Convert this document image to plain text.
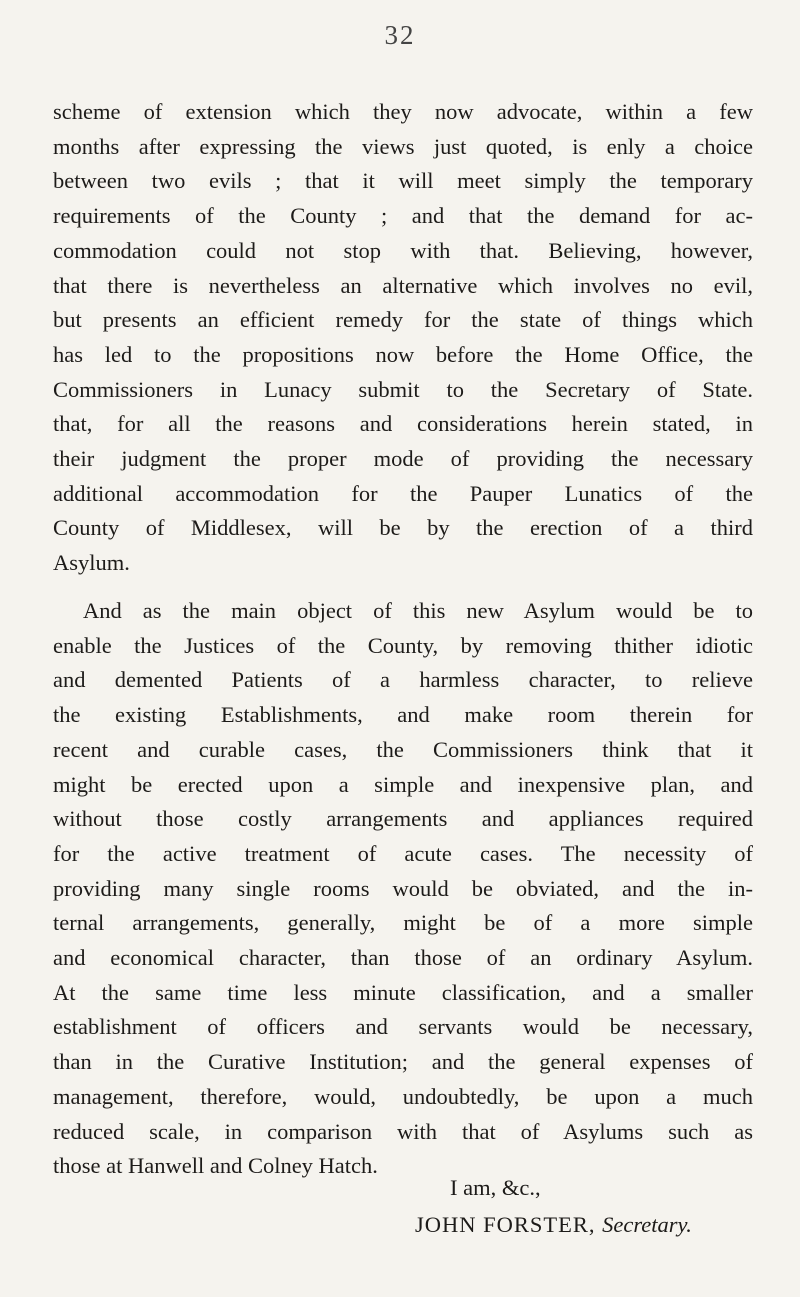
32
scheme of extension which they now advocate, within a few
months after expressing the views just quoted, is enly a choice
between two evils ; that it will meet simply the temporary
requirements of the County ; and that the demand for ac-
commodation could not stop with that. Believing, however,
that there is nevertheless an alternative which involves no evil,
but presents an efficient remedy for the state of things which
has led to the propositions now before the Home Office, the
Commissioners in Lunacy submit to the Secretary of State.
that, for all the reasons and considerations herein stated, in
their judgment the proper mode of providing the necessary
additional accommodation for the Pauper Lunatics of the
County of Middlesex, will be by the erection of a third
Asylum.
And as the main object of this new Asylum would be to
enable the Justices of the County, by removing thither idiotic
and demented Patients of a harmless character, to relieve
the existing Establishments, and make room therein for
recent and curable cases, the Commissioners think that it
might be erected upon a simple and inexpensive plan, and
without those costly arrangements and appliances required
for the active treatment of acute cases. The necessity of
providing many single rooms would be obviated, and the in-
ternal arrangements, generally, might be of a more simple
and economical character, than those of an ordinary Asylum.
At the same time less minute classification, and a smaller
establishment of officers and servants would be necessary,
than in the Curative Institution; and the general expenses of
management, therefore, would, undoubtedly, be upon a much
reduced scale, in comparison with that of Asylums such as
those at Hanwell and Colney Hatch.
I am, &c.,
JOHN FORSTER, Secretary.
